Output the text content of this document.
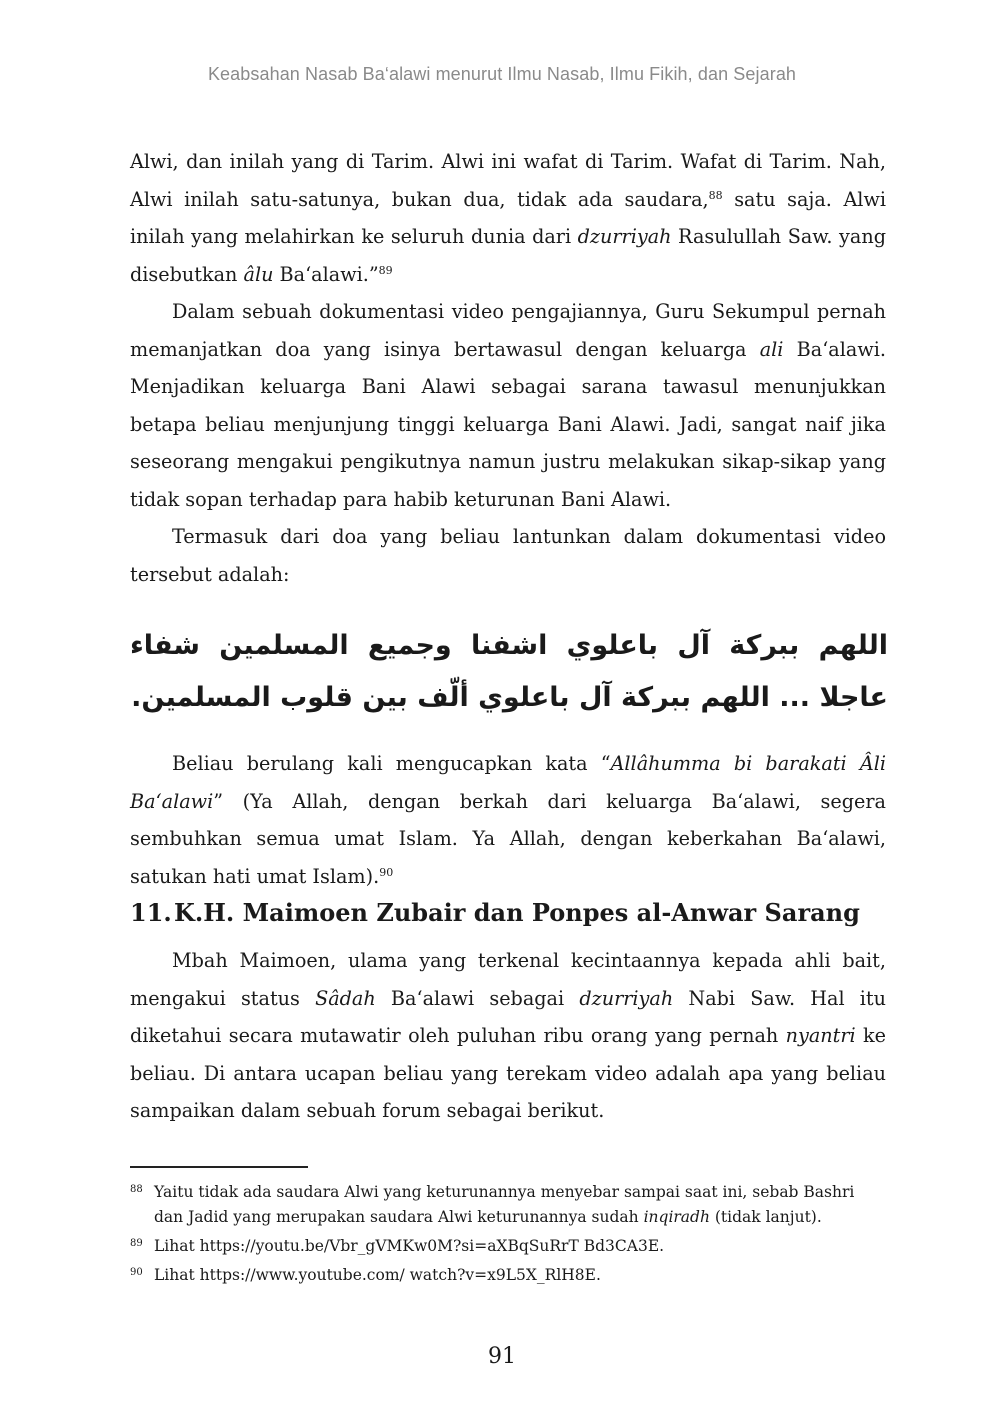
Keabsahan Nasab Ba‘alawi menurut Ilmu Nasab, Ilmu Fikih, dan Sejarah

Alwi, dan inilah yang di Tarim. Alwi ini wafat di Tarim. Wafat di Tarim. Nah, Alwi inilah satu-satunya, bukan dua, tidak ada saudara,$^{88}$ satu saja. Alwi inilah yang melahirkan ke seluruh dunia dari dzurriyah Rasulullah Saw. yang disebutkan âlu Ba‘alawi.”$^{89}$

Dalam sebuah dokumentasi video pengajiannya, Guru Sekumpul pernah memanjatkan doa yang isinya bertawasul dengan keluarga ali Ba‘alawi. Menjadikan keluarga Bani Alawi sebagai sarana tawasul menunjukkan betapa beliau menjunjung tinggi keluarga Bani Alawi. Jadi, sangat naif jika seseorang mengakui pengikutnya namun justru melakukan sikap-sikap yang tidak sopan terhadap para habib keturunan Bani Alawi.

Termasuk dari doa yang beliau lantunkan dalam dokumentasi video tersebut adalah:

اللهم ببركة آل باعلوي اشفنا وجميع المسلمين شفاء عاجلا ... اللهم ببركة آل باعلوي ألّف بين قلوب المسلمين.

Beliau berulang kali mengucapkan kata “Allâhumma bi barakati Âli Ba‘alawi” (Ya Allah, dengan berkah dari keluarga Ba‘alawi, segera sembuhkan semua umat Islam. Ya Allah, dengan keberkahan Ba‘alawi, satukan hati umat Islam).$^{90}$

11.K.H. Maimoen Zubair dan Ponpes al-Anwar Sarang

Mbah Maimoen, ulama yang terkenal kecintaannya kepada ahli bait, mengakui status Sâdah Ba‘alawi sebagai dzurriyah Nabi Saw. Hal itu diketahui secara mutawatir oleh puluhan ribu orang yang pernah nyantri ke beliau. Di antara ucapan beliau yang terekam video adalah apa yang beliau sampaikan dalam sebuah forum sebagai berikut.

88 Yaitu tidak ada saudara Alwi yang keturunannya menyebar sampai saat ini, sebab Bashri dan Jadid yang merupakan saudara Alwi keturunannya sudah inqiradh (tidak lanjut).
89 Lihat https://youtu.be/Vbr_gVMKw0M?si=aXBqSuRrT Bd3CA3E.
90 Lihat https://www.youtube.com/ watch?v=x9L5X_RlH8E.
91
